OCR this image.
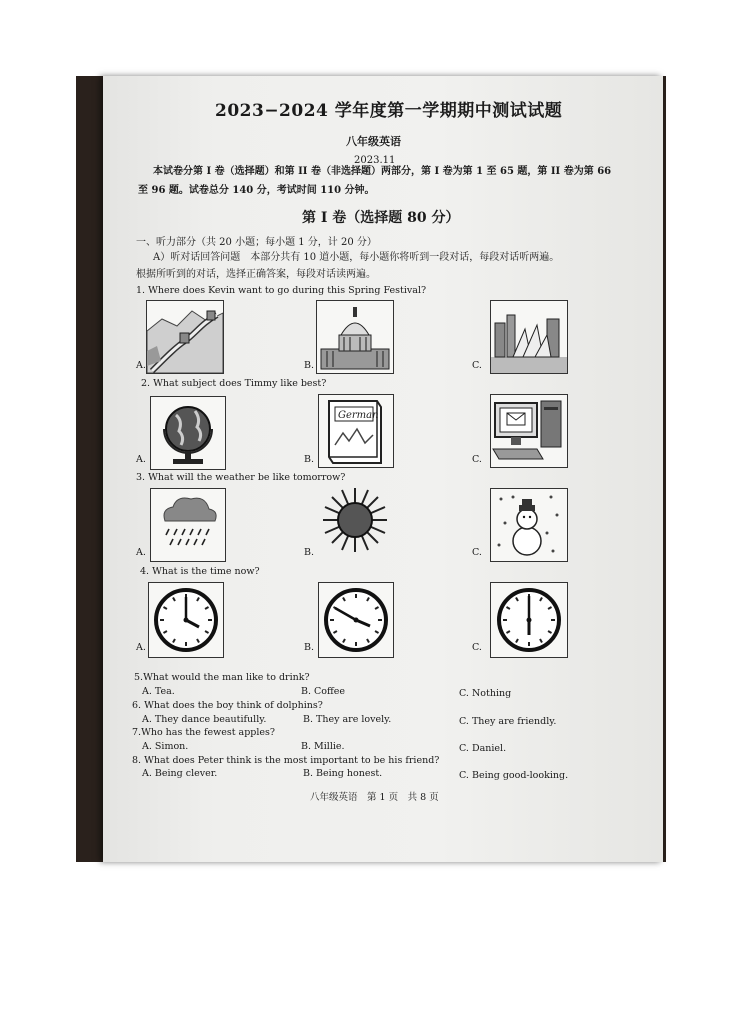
2023−2024 学年度第一学期期中测试试题
八年级英语
2023.11
本试卷分第 I 卷（选择题）和第 II 卷（非选择题）两部分，第 I 卷为第 1 至 65 题，第 II 卷为第 66
至 96 题。试卷总分 140 分，考试时间 110 分钟。
第 I 卷（选择题 80 分）
一、听力部分（共 20 小题；每小题 1 分，计 20 分）
A）听对话回答问题　本部分共有 10 道小题，每小题你将听到一段对话，每段对话听两遍。
根据所听到的对话，选择正确答案，每段对话读两遍。
1. Where does Kevin want to go during this Spring Festival?
A.	B.	C.
2. What subject does Timmy like best?
A.	B.
German
C.
3. What will the weather be like tomorrow?
A.	B.	C.
4. What is the time now?
A.	B.	C.
5.What would the man like to drink?
A. Tea.	B. Coffee	C. Nothing
6. What does the boy think of dolphins?
A. They dance beautifully.	B. They are lovely.	C. They are friendly.
7.Who has the fewest apples?
A. Simon.	B. Millie.	C. Daniel.
8. What does Peter think is the most important to be his friend?
A. Being clever.	B. Being honest.	C. Being good-looking.
八年级英语　第 1 页　共 8 页
